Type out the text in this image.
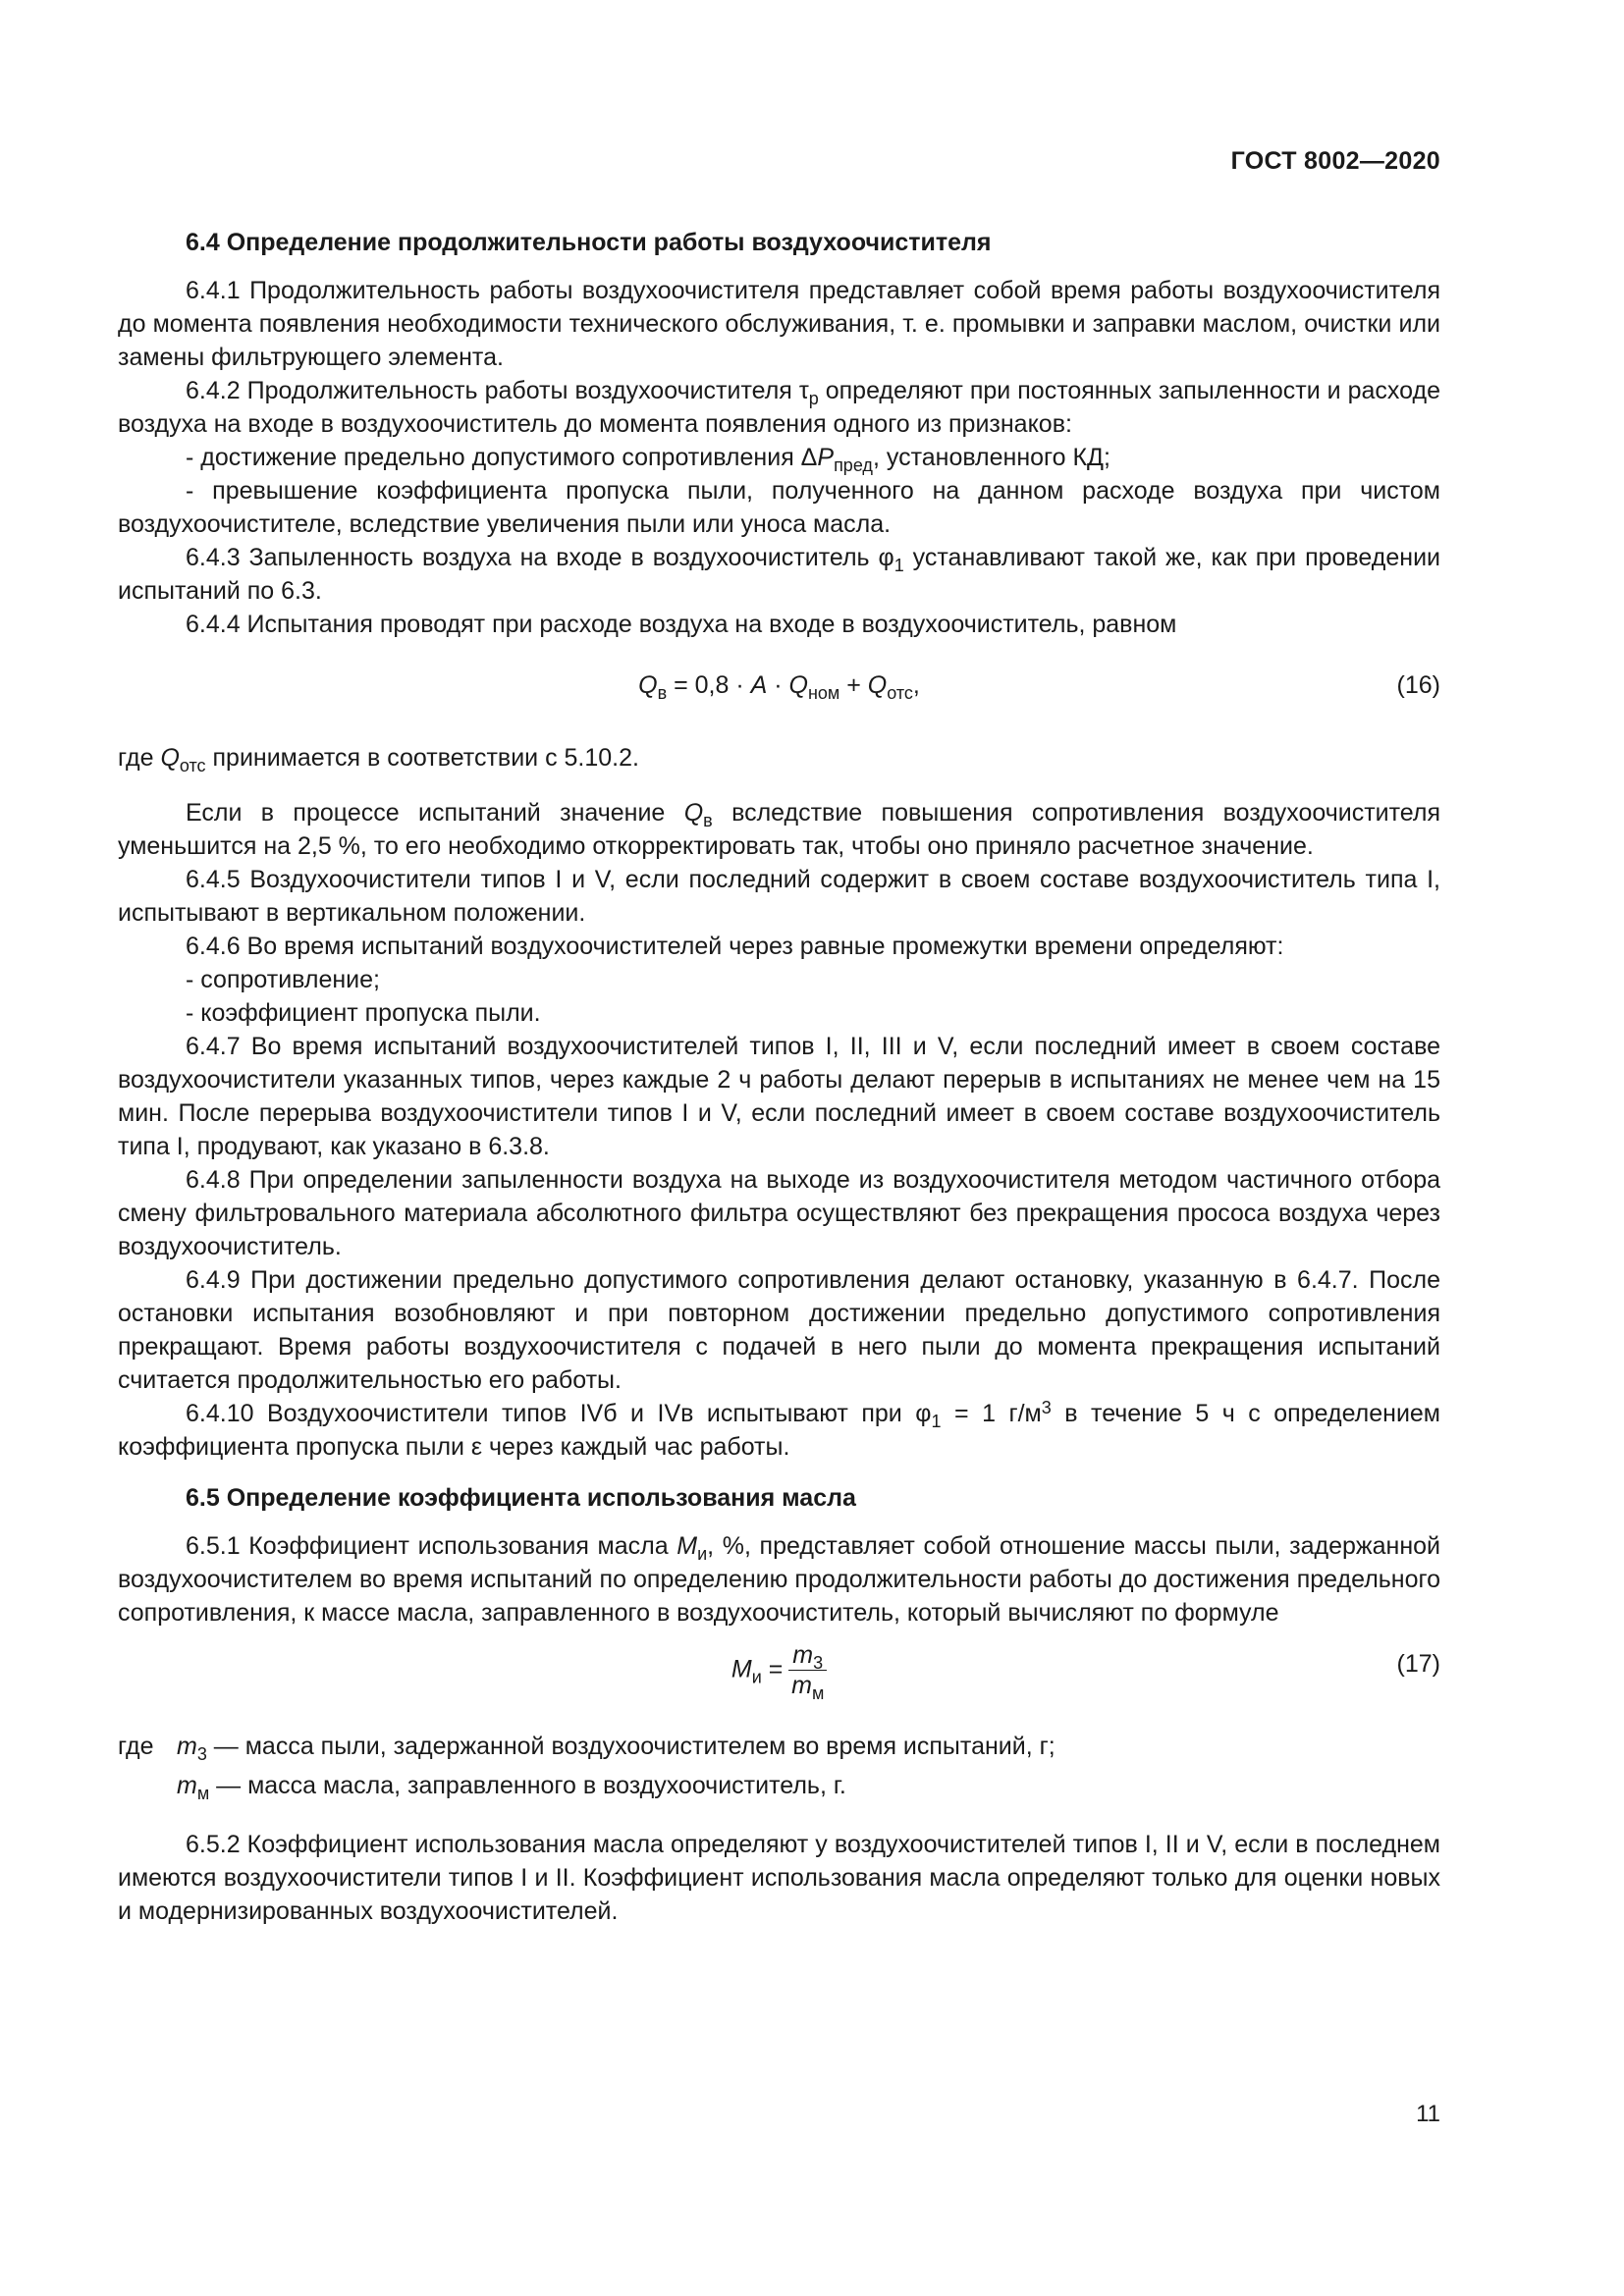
ГОСТ 8002—2020

6.4 Определение продолжительности работы воздухоочистителя

6.4.1 Продолжительность работы воздухоочистителя представляет собой время работы воздухоочистителя до момента появления необходимости технического обслуживания, т. е. промывки и заправки маслом, очистки или замены фильтрующего элемента.

6.4.2 Продолжительность работы воздухоочистителя $\tau_р$ определяют при постоянных запыленности и расходе воздуха на входе в воздухоочиститель до момента появления одного из признаков:

- достижение предельно допустимого сопротивления $\Delta P_{пред}$, установленного КД;

- превышение коэффициента пропуска пыли, полученного на данном расходе воздуха при чистом воздухоочистителе, вследствие увеличения пыли или уноса масла.

6.4.3 Запыленность воздуха на входе в воздухоочиститель $\varphi_1$ устанавливают такой же, как при проведении испытаний по 6.3.

6.4.4 Испытания проводят при расходе воздуха на входе в воздухоочиститель, равном

$Q_в = 0,8 \cdot A \cdot Q_{ном} + Q_{отс}$,	(16)

где $Q_{отс}$ принимается в соответствии с 5.10.2.

Если в процессе испытаний значение $Q_в$ вследствие повышения сопротивления воздухоочистителя уменьшится на 2,5 %, то его необходимо откорректировать так, чтобы оно приняло расчетное значение.

6.4.5 Воздухоочистители типов I и V, если последний содержит в своем составе воздухоочиститель типа I, испытывают в вертикальном положении.

6.4.6 Во время испытаний воздухоочистителей через равные промежутки времени определяют:

- сопротивление;

- коэффициент пропуска пыли.

6.4.7 Во время испытаний воздухоочистителей типов I, II, III и V, если последний имеет в своем составе воздухоочистители указанных типов, через каждые 2 ч работы делают перерыв в испытаниях не менее чем на 15 мин. После перерыва воздухоочистители типов I и V, если последний имеет в своем составе воздухоочиститель типа I, продувают, как указано в 6.3.8.

6.4.8 При определении запыленности воздуха на выходе из воздухоочистителя методом частичного отбора смену фильтровального материала абсолютного фильтра осуществляют без прекращения прососа воздуха через воздухоочиститель.

6.4.9 При достижении предельно допустимого сопротивления делают остановку, указанную в 6.4.7. После остановки испытания возобновляют и при повторном достижении предельно допустимого сопротивления прекращают. Время работы воздухоочистителя с подачей в него пыли до момента прекращения испытаний считается продолжительностью его работы.

6.4.10 Воздухоочистители типов IVб и IVв испытывают при $\varphi_1 = 1$ $г/м^3$ в течение 5 ч с определением коэффициента пропуска пыли ε через каждый час работы.

6.5 Определение коэффициента использования масла

6.5.1 Коэффициент использования масла $M_и$, %, представляет собой отношение массы пыли, задержанной воздухоочистителем во время испытаний по определению продолжительности работы до достижения предельного сопротивления, к массе масла, заправленного в воздухоочиститель, который вычисляют по формуле

$M_и = \frac{m_3}{m_м}$	(17)
где $m_3$ — масса пыли, задержанной воздухоочистителем во время испытаний, г;
$m_м$ — масса масла, заправленного в воздухоочиститель, г.

6.5.2 Коэффициент использования масла определяют у воздухоочистителей типов I, II и V, если в последнем имеются воздухоочистители типов I и II. Коэффициент использования масла определяют только для оценки новых и модернизированных воздухоочистителей.

11
